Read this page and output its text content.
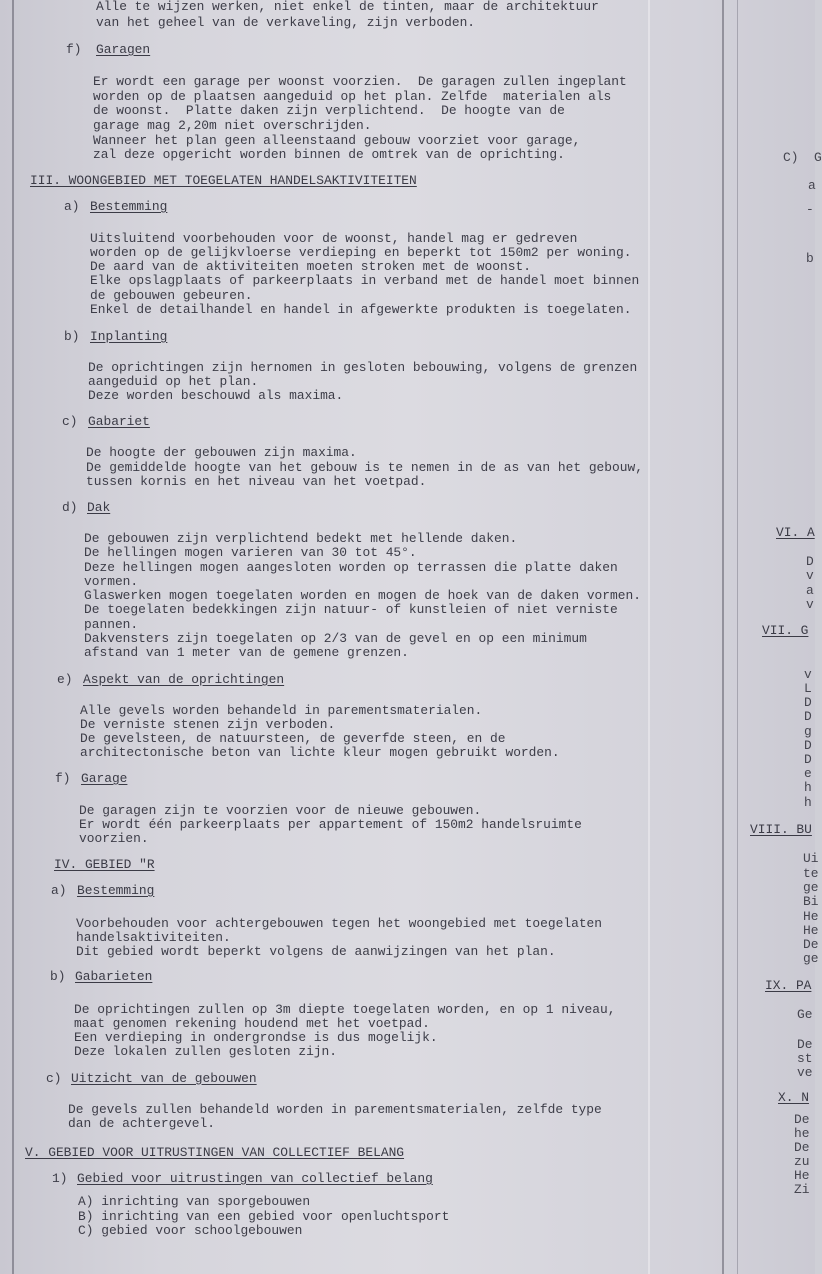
Alle te wijzen werken, niet enkel de tinten, maar de architektuur
van het geheel van de verkaveling, zijn verboden.
f) Garagen
Er wordt een garage per woonst voorzien.  De garagen zullen ingeplant
worden op de plaatsen aangeduid op het plan. Zelfde  materialen als
de woonst.  Platte daken zijn verplichtend.  De hoogte van de
garage mag 2,20m niet overschrijden.
Wanneer het plan geen alleenstaand gebouw voorziet voor garage,
zal deze opgericht worden binnen de omtrek van de oprichting.
III. WOONGEBIED MET TOEGELATEN HANDELSAKTIVITEITEN
a) Bestemming
Uitsluitend voorbehouden voor de woonst, handel mag er gedreven
worden op de gelijkvloerse verdieping en beperkt tot 150m2 per woning.
De aard van de aktiviteiten moeten stroken met de woonst.
Elke opslagplaats of parkeerplaats in verband met de handel moet binnen
de gebouwen gebeuren.
Enkel de detailhandel en handel in afgewerkte produkten is toegelaten.
b) Inplanting
De oprichtingen zijn hernomen in gesloten bebouwing, volgens de grenzen
aangeduid op het plan.
Deze worden beschouwd als maxima.
c) Gabariet
De hoogte der gebouwen zijn maxima.
De gemiddelde hoogte van het gebouw is te nemen in de as van het gebouw,
tussen kornis en het niveau van het voetpad.
d) Dak
De gebouwen zijn verplichtend bedekt met hellende daken.
De hellingen mogen varieren van 30 tot 45°.
Deze hellingen mogen aangesloten worden op terrassen die platte daken
vormen.
Glaswerken mogen toegelaten worden en mogen de hoek van de daken vormen.
De toegelaten bedekkingen zijn natuur- of kunstleien of niet verniste
pannen.
Dakvensters zijn toegelaten op 2/3 van de gevel en op een minimum
afstand van 1 meter van de gemene grenzen.
e) Aspekt van de oprichtingen
Alle gevels worden behandeld in parementsmaterialen.
De verniste stenen zijn verboden.
De gevelsteen, de natuursteen, de geverfde steen, en de
architectonische beton van lichte kleur mogen gebruikt worden.
f) Garage
De garagen zijn te voorzien voor de nieuwe gebouwen.
Er wordt één parkeerplaats per appartement of 150m2 handelsruimte
voorzien.
IV. GEBIED "R
a) Bestemming
Voorbehouden voor achtergebouwen tegen het woongebied met toegelaten
handelsaktiviteiten.
Dit gebied wordt beperkt volgens de aanwijzingen van het plan.
b) Gabarieten
De oprichtingen zullen op 3m diepte toegelaten worden, en op 1 niveau,
maat genomen rekening houdend met het voetpad.
Een verdieping in ondergrondse is dus mogelijk.
Deze lokalen zullen gesloten zijn.
c) Uitzicht van de gebouwen
De gevels zullen behandeld worden in parementsmaterialen, zelfde type
dan de achtergevel.
V. GEBIED VOOR UITRUSTINGEN VAN COLLECTIEF BELANG
1) Gebied voor uitrustingen van collectief belang
A) inrichting van sporgebouwen
B) inrichting van een gebied voor openluchtsport
C) gebied voor schoolgebouwen
C)  G
a
-
b
VI. A
D
v
a
v
VII. G
v
L
D
D
g
D
D
e
h
h
VIII. BU
Ui
te
ge
Bi
He
He
De
ge
IX. PA
Ge
De
st
ve
X. N
De
he
De
zu
He
Zi
